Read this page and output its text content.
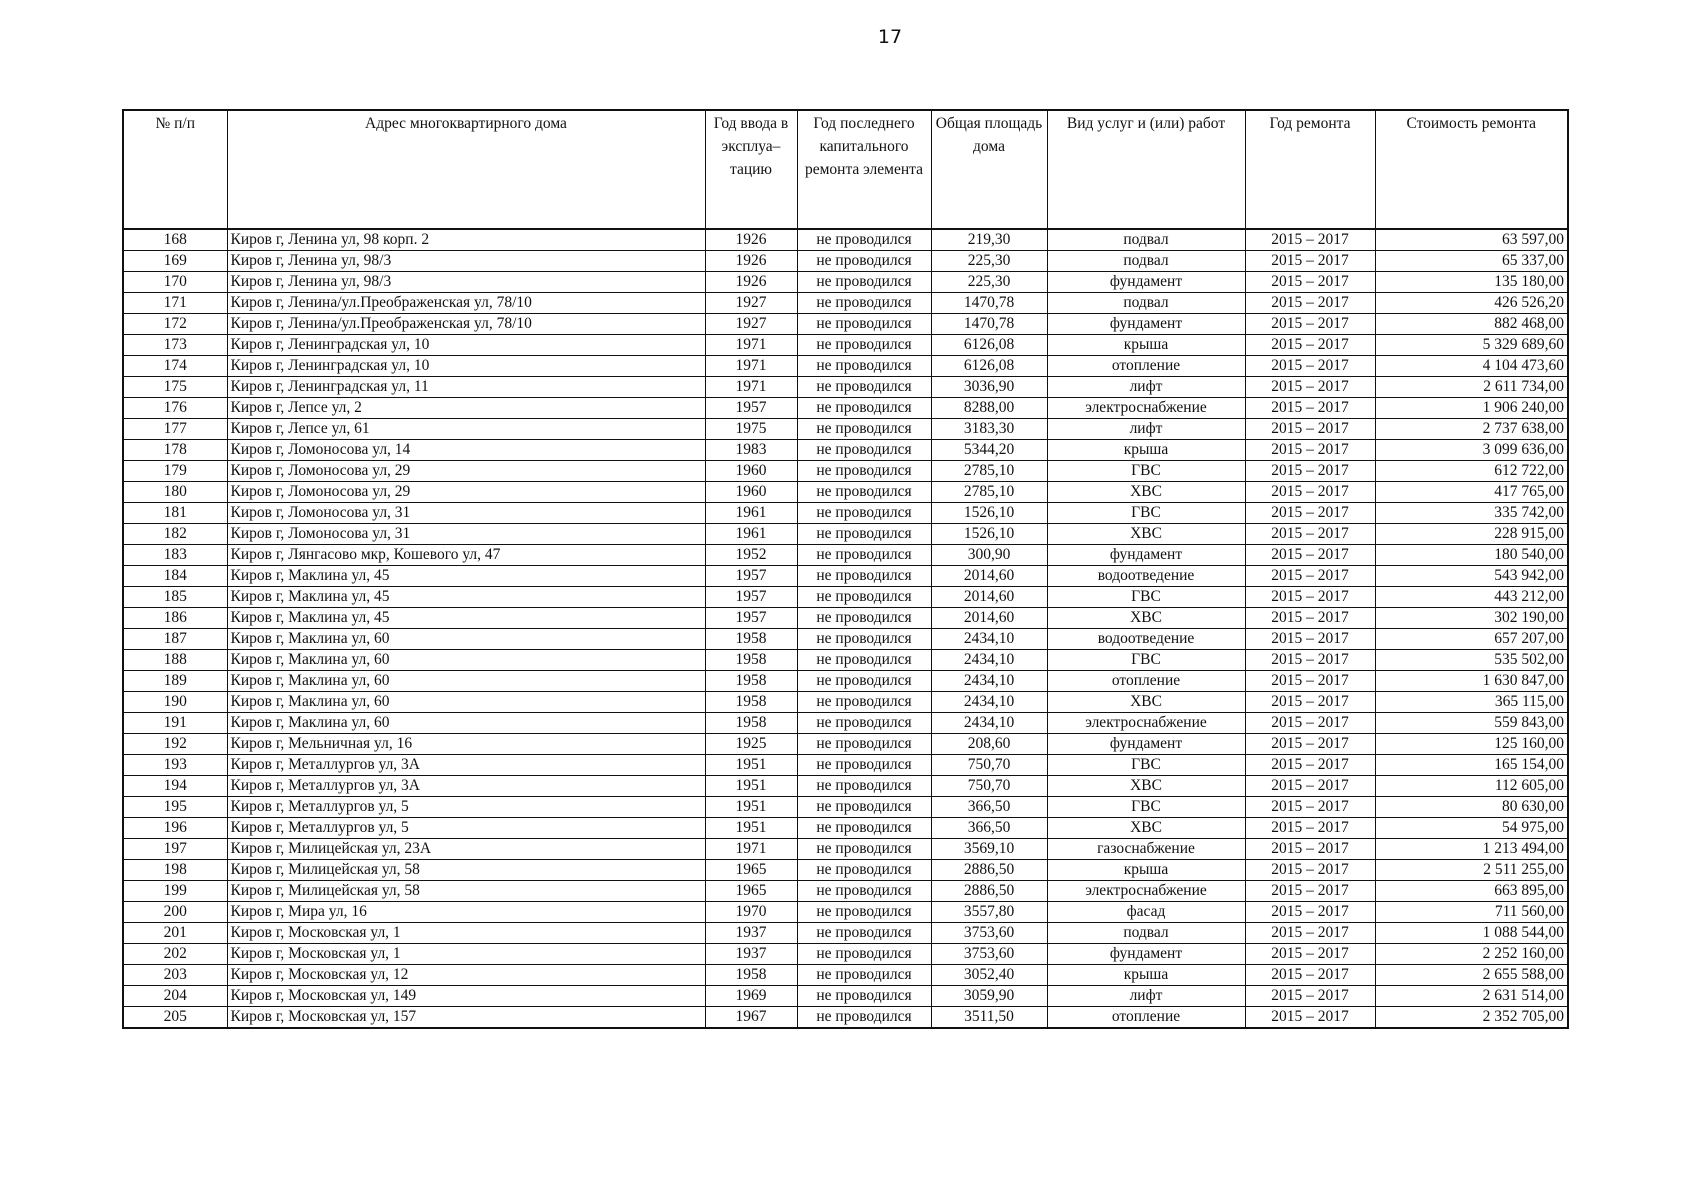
17
№ п/п	Адрес многоквартирного дома	Год ввода в эксплуа–тацию	Год последнего капитального ремонта элемента	Общая площадь дома	Вид услуг и (или) работ	Год ремонта	Стоимость ремонта
168	Киров г, Ленина ул, 98 корп. 2	1926	не проводился	219,30	подвал	2015 – 2017	63 597,00
169	Киров г, Ленина ул, 98/3	1926	не проводился	225,30	подвал	2015 – 2017	65 337,00
170	Киров г, Ленина ул, 98/3	1926	не проводился	225,30	фундамент	2015 – 2017	135 180,00
171	Киров г, Ленина/ул.Преображенская ул, 78/10	1927	не проводился	1470,78	подвал	2015 – 2017	426 526,20
172	Киров г, Ленина/ул.Преображенская ул, 78/10	1927	не проводился	1470,78	фундамент	2015 – 2017	882 468,00
173	Киров г, Ленинградская ул, 10	1971	не проводился	6126,08	крыша	2015 – 2017	5 329 689,60
174	Киров г, Ленинградская ул, 10	1971	не проводился	6126,08	отопление	2015 – 2017	4 104 473,60
175	Киров г, Ленинградская ул, 11	1971	не проводился	3036,90	лифт	2015 – 2017	2 611 734,00
176	Киров г, Лепсе ул, 2	1957	не проводился	8288,00	электроснабжение	2015 – 2017	1 906 240,00
177	Киров г, Лепсе ул, 61	1975	не проводился	3183,30	лифт	2015 – 2017	2 737 638,00
178	Киров г, Ломоносова ул, 14	1983	не проводился	5344,20	крыша	2015 – 2017	3 099 636,00
179	Киров г, Ломоносова ул, 29	1960	не проводился	2785,10	ГВС	2015 – 2017	612 722,00
180	Киров г, Ломоносова ул, 29	1960	не проводился	2785,10	ХВС	2015 – 2017	417 765,00
181	Киров г, Ломоносова ул, 31	1961	не проводился	1526,10	ГВС	2015 – 2017	335 742,00
182	Киров г, Ломоносова ул, 31	1961	не проводился	1526,10	ХВС	2015 – 2017	228 915,00
183	Киров г, Лянгасово мкр, Кошевого ул, 47	1952	не проводился	300,90	фундамент	2015 – 2017	180 540,00
184	Киров г, Маклина ул, 45	1957	не проводился	2014,60	водоотведение	2015 – 2017	543 942,00
185	Киров г, Маклина ул, 45	1957	не проводился	2014,60	ГВС	2015 – 2017	443 212,00
186	Киров г, Маклина ул, 45	1957	не проводился	2014,60	ХВС	2015 – 2017	302 190,00
187	Киров г, Маклина ул, 60	1958	не проводился	2434,10	водоотведение	2015 – 2017	657 207,00
188	Киров г, Маклина ул, 60	1958	не проводился	2434,10	ГВС	2015 – 2017	535 502,00
189	Киров г, Маклина ул, 60	1958	не проводился	2434,10	отопление	2015 – 2017	1 630 847,00
190	Киров г, Маклина ул, 60	1958	не проводился	2434,10	ХВС	2015 – 2017	365 115,00
191	Киров г, Маклина ул, 60	1958	не проводился	2434,10	электроснабжение	2015 – 2017	559 843,00
192	Киров г, Мельничная ул, 16	1925	не проводился	208,60	фундамент	2015 – 2017	125 160,00
193	Киров г, Металлургов ул, 3А	1951	не проводился	750,70	ГВС	2015 – 2017	165 154,00
194	Киров г, Металлургов ул, 3А	1951	не проводился	750,70	ХВС	2015 – 2017	112 605,00
195	Киров г, Металлургов ул, 5	1951	не проводился	366,50	ГВС	2015 – 2017	80 630,00
196	Киров г, Металлургов ул, 5	1951	не проводился	366,50	ХВС	2015 – 2017	54 975,00
197	Киров г, Милицейская ул, 23А	1971	не проводился	3569,10	газоснабжение	2015 – 2017	1 213 494,00
198	Киров г, Милицейская ул, 58	1965	не проводился	2886,50	крыша	2015 – 2017	2 511 255,00
199	Киров г, Милицейская ул, 58	1965	не проводился	2886,50	электроснабжение	2015 – 2017	663 895,00
200	Киров г, Мира ул, 16	1970	не проводился	3557,80	фасад	2015 – 2017	711 560,00
201	Киров г, Московская ул, 1	1937	не проводился	3753,60	подвал	2015 – 2017	1 088 544,00
202	Киров г, Московская ул, 1	1937	не проводился	3753,60	фундамент	2015 – 2017	2 252 160,00
203	Киров г, Московская ул, 12	1958	не проводился	3052,40	крыша	2015 – 2017	2 655 588,00
204	Киров г, Московская ул, 149	1969	не проводился	3059,90	лифт	2015 – 2017	2 631 514,00
205	Киров г, Московская ул, 157	1967	не проводился	3511,50	отопление	2015 – 2017	2 352 705,00
